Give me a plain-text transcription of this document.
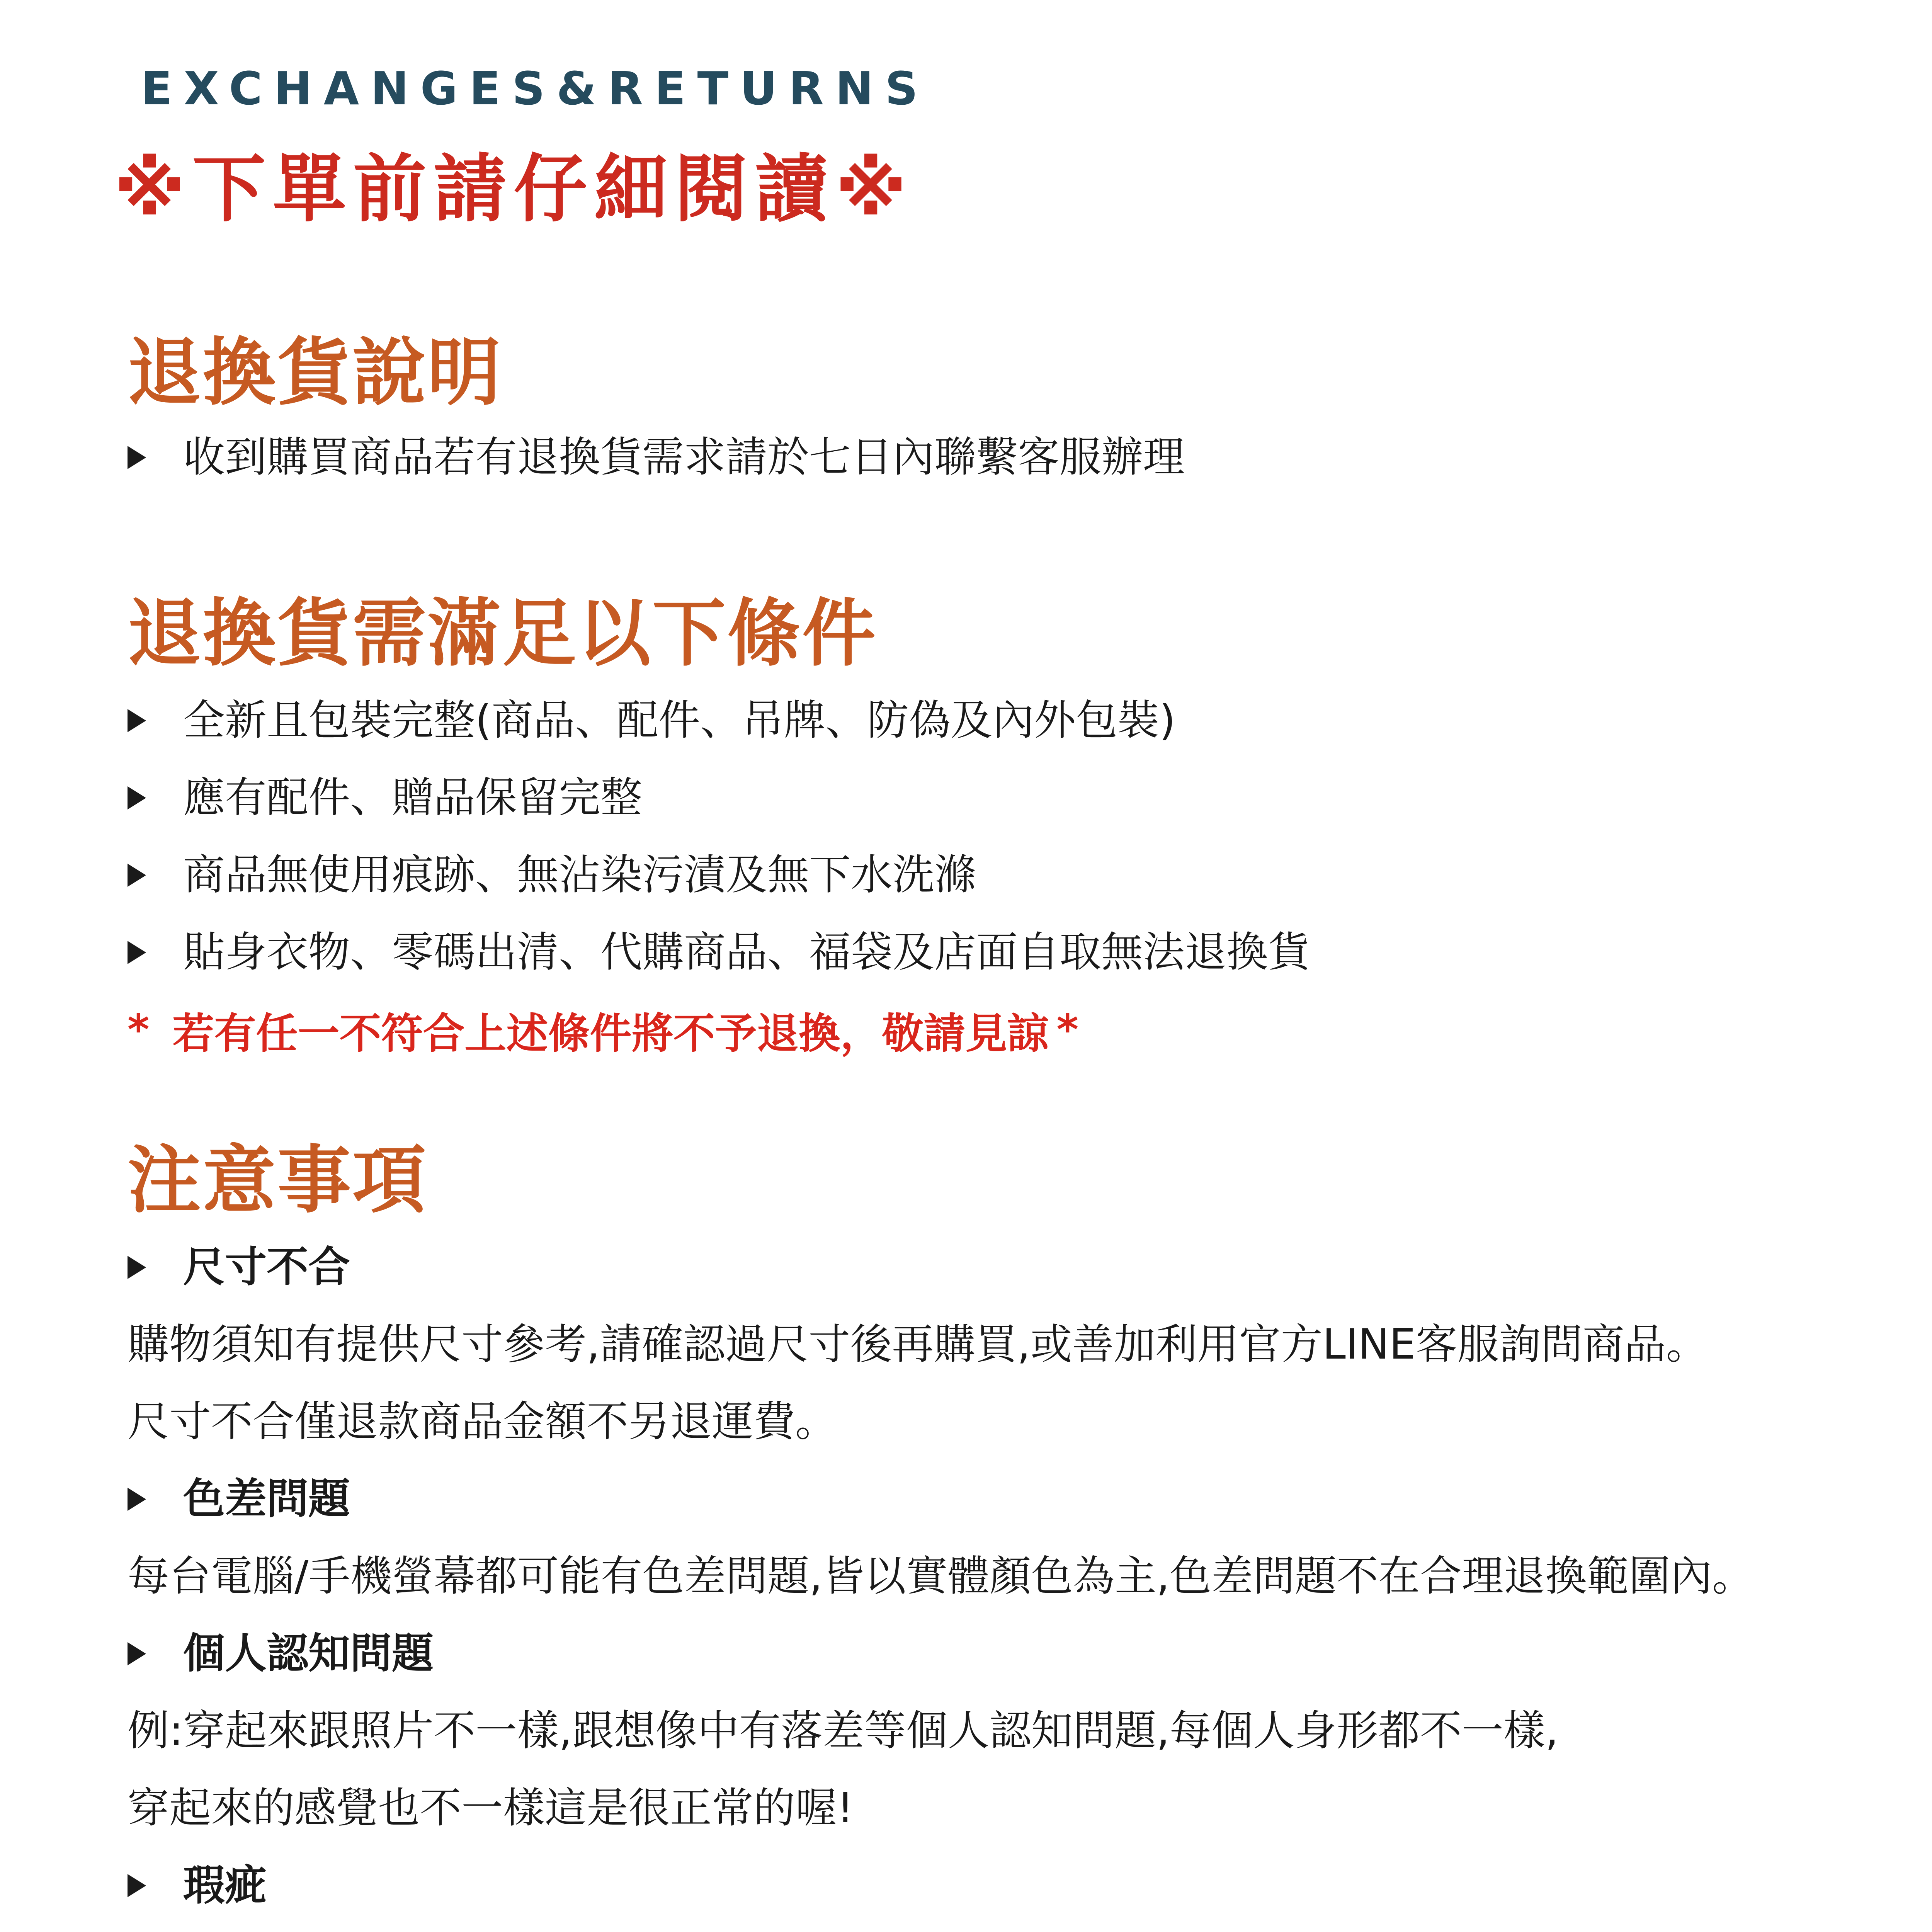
EXCHANGES&RETURNS
※下單前請仔細閱讀※
退換貨說明
收到購買商品若有退換貨需求請於七日內聯繫客服辦理
退換貨需滿足以下條件
全新且包裝完整(商品、配件、吊牌、防偽及內外包裝)
應有配件、贈品保留完整
商品無使用痕跡、無沾染污漬及無下水洗滌
貼身衣物、零碼出清、代購商品、福袋及店面自取無法退換貨
* 若有任一不符合上述條件將不予退換，敬請見諒 *
注意事項
尺寸不合
購物須知有提供尺寸參考,請確認過尺寸後再購買,或善加利用官方LINE客服詢問商品。
尺寸不合僅退款商品金額不另退運費。
色差問題
每台電腦/手機螢幕都可能有色差問題,皆以實體顏色為主,色差問題不在合理退換範圍內。
個人認知問題
例:穿起來跟照片不一樣,跟想像中有落差等個人認知問題,每個人身形都不一樣,
穿起來的感覺也不一樣這是很正常的喔!
瑕疵
